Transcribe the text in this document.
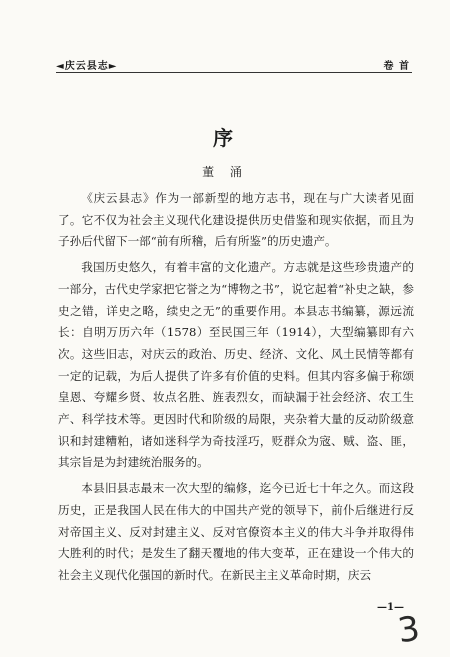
◄庆云县志►	卷 首
序
董 涌

《庆云县志》作为一部新型的地方志书，现在与广大读者见面了。它不仅为社会主义现代化建设提供历史借鉴和现实依据，而且为子孙后代留下一部“前有所稽，后有所鉴”的历史遗产。

我国历史悠久，有着丰富的文化遗产。方志就是这些珍贵遗产的一部分，古代史学家把它誉之为“博物之书”，说它起着“补史之缺，参史之错，详史之略，续史之无”的重要作用。本县志书编纂，源远流长：自明万历六年（1578）至民国三年（1914），大型编纂即有六次。这些旧志，对庆云的政治、历史、经济、文化、风土民情等都有一定的记载，为后人提供了许多有价值的史料。但其内容多偏于称颂皇恩、夸耀乡贤、妆点名胜、旌表烈女，而缺漏于社会经济、农工生产、科学技术等。更因时代和阶级的局限，夹杂着大量的反动阶级意识和封建糟粕，诸如迷科学为奇技淫巧，贬群众为宼、贼、盗、匪，其宗旨是为封建统治服务的。

本县旧县志最末一次大型的编修，迄今已近七十年之久。而这段历史，正是我国人民在伟大的中国共产党的领导下，前仆后继进行反对帝国主义、反对封建主义、反对官僚资本主义的伟大斗争并取得伟大胜利的时代；是发生了翻天覆地的伟大变革，正在建设一个伟大的社会主义现代化强国的新时代。在新民主主义革命时期，庆云

—1—
3
